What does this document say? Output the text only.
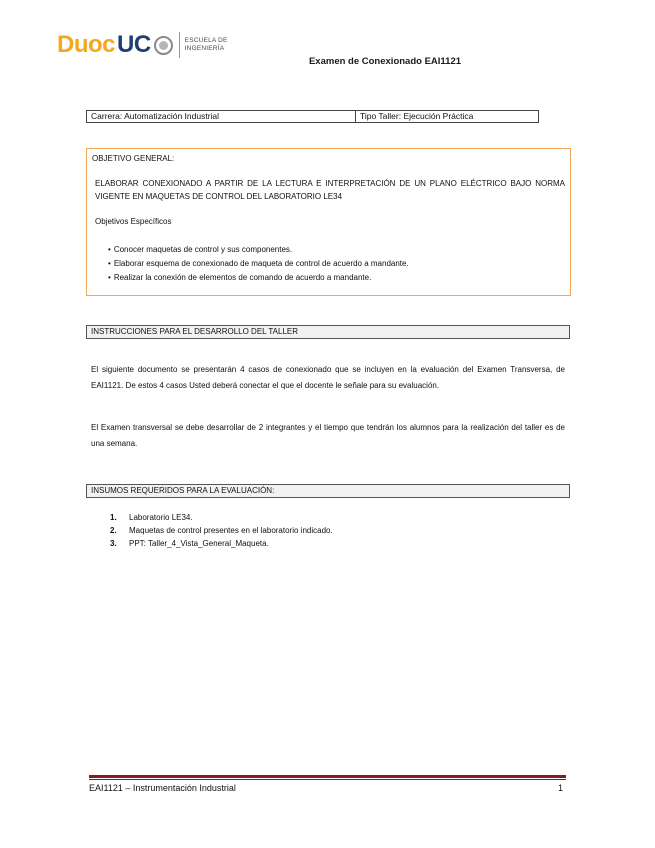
Duoc UC	ESCUELA DE
INGENIERÍA
Examen de Conexionado EAI1121
Carrera: Automatización Industrial	Tipo Taller: Ejecución Práctica
OBJETIVO GENERAL:
ELABORAR CONEXIONADO A PARTIR DE LA LECTURA E INTERPRETACIÓN DE UN PLANO ELÉCTRICO BAJO NORMA VIGENTE EN MAQUETAS DE CONTROL DEL LABORATORIO LE34
Objetivos Específicos
• Conocer maquetas de control y sus componentes.
• Elaborar esquema de conexionado de maqueta de control de acuerdo a mandante.
• Realizar la conexión de elementos de comando de acuerdo a mandante.
INSTRUCCIONES PARA EL DESARROLLO DEL TALLER
El siguiente documento se presentarán 4 casos de conexionado que se incluyen en la evaluación del Examen Transversa, de EAI1121. De estos 4 casos Usted deberá conectar el que el docente le señale para su evaluación.
El Examen transversal se debe desarrollar de 2 integrantes y el tiempo que tendrán los alumnos para la realización del taller es de una semana.
INSUMOS REQUERIDOS PARA LA EVALUACIÓN:
1.	Laboratorio LE34.
2.	Maquetas de control presentes en el laboratorio indicado.
3.	PPT: Taller_4_Vista_General_Maqueta.
EAI1121 – Instrumentación Industrial	1
